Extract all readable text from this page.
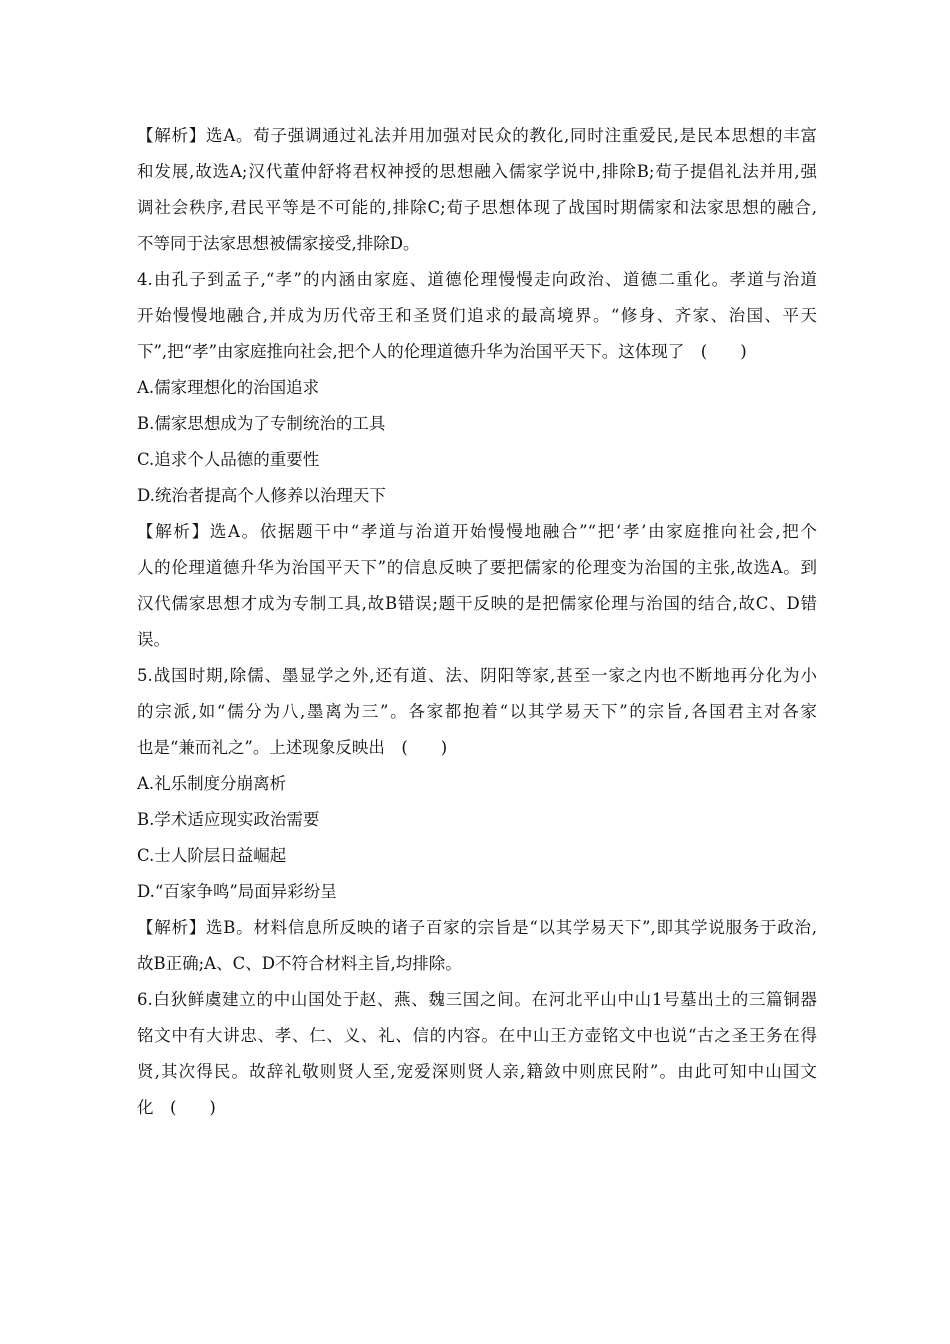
【解析】选A。荀子强调通过礼法并用加强对民众的教化,同时注重爱民,是民本思想的丰富
和发展,故选A;汉代董仲舒将君权神授的思想融入儒家学说中,排除B;荀子提倡礼法并用,强
调社会秩序,君民平等是不可能的,排除C;荀子思想体现了战国时期儒家和法家思想的融合,
不等同于法家思想被儒家接受,排除D。
4.由孔子到孟子,“孝”的内涵由家庭、道德伦理慢慢走向政治、道德二重化。孝道与治道
开始慢慢地融合,并成为历代帝王和圣贤们追求的最高境界。“修身、齐家、治国、平天
下”,把“孝”由家庭推向社会,把个人的伦理道德升华为治国平天下。这体现了　(　　)
A.儒家理想化的治国追求
B.儒家思想成为了专制统治的工具
C.追求个人品德的重要性
D.统治者提高个人修养以治理天下
【解析】选A。依据题干中“孝道与治道开始慢慢地融合”“把‘孝’由家庭推向社会,把个
人的伦理道德升华为治国平天下”的信息反映了要把儒家的伦理变为治国的主张,故选A。到
汉代儒家思想才成为专制工具,故B错误;题干反映的是把儒家伦理与治国的结合,故C、D错
误。
5.战国时期,除儒、墨显学之外,还有道、法、阴阳等家,甚至一家之内也不断地再分化为小
的宗派,如“儒分为八,墨离为三”。各家都抱着“以其学易天下”的宗旨,各国君主对各家
也是“兼而礼之”。上述现象反映出　(　　)
A.礼乐制度分崩离析
B.学术适应现实政治需要
C.士人阶层日益崛起
D.“百家争鸣”局面异彩纷呈
【解析】选B。材料信息所反映的诸子百家的宗旨是“以其学易天下”,即其学说服务于政治,
故B正确;A、C、D不符合材料主旨,均排除。
6.白狄鲜虞建立的中山国处于赵、燕、魏三国之间。在河北平山中山1号墓出土的三篇铜器
铭文中有大讲忠、孝、仁、义、礼、信的内容。在中山王方壶铭文中也说“古之圣王务在得
贤,其次得民。故辞礼敬则贤人至,宠爱深则贤人亲,籍敛中则庶民附”。由此可知中山国文
化　(　　)
